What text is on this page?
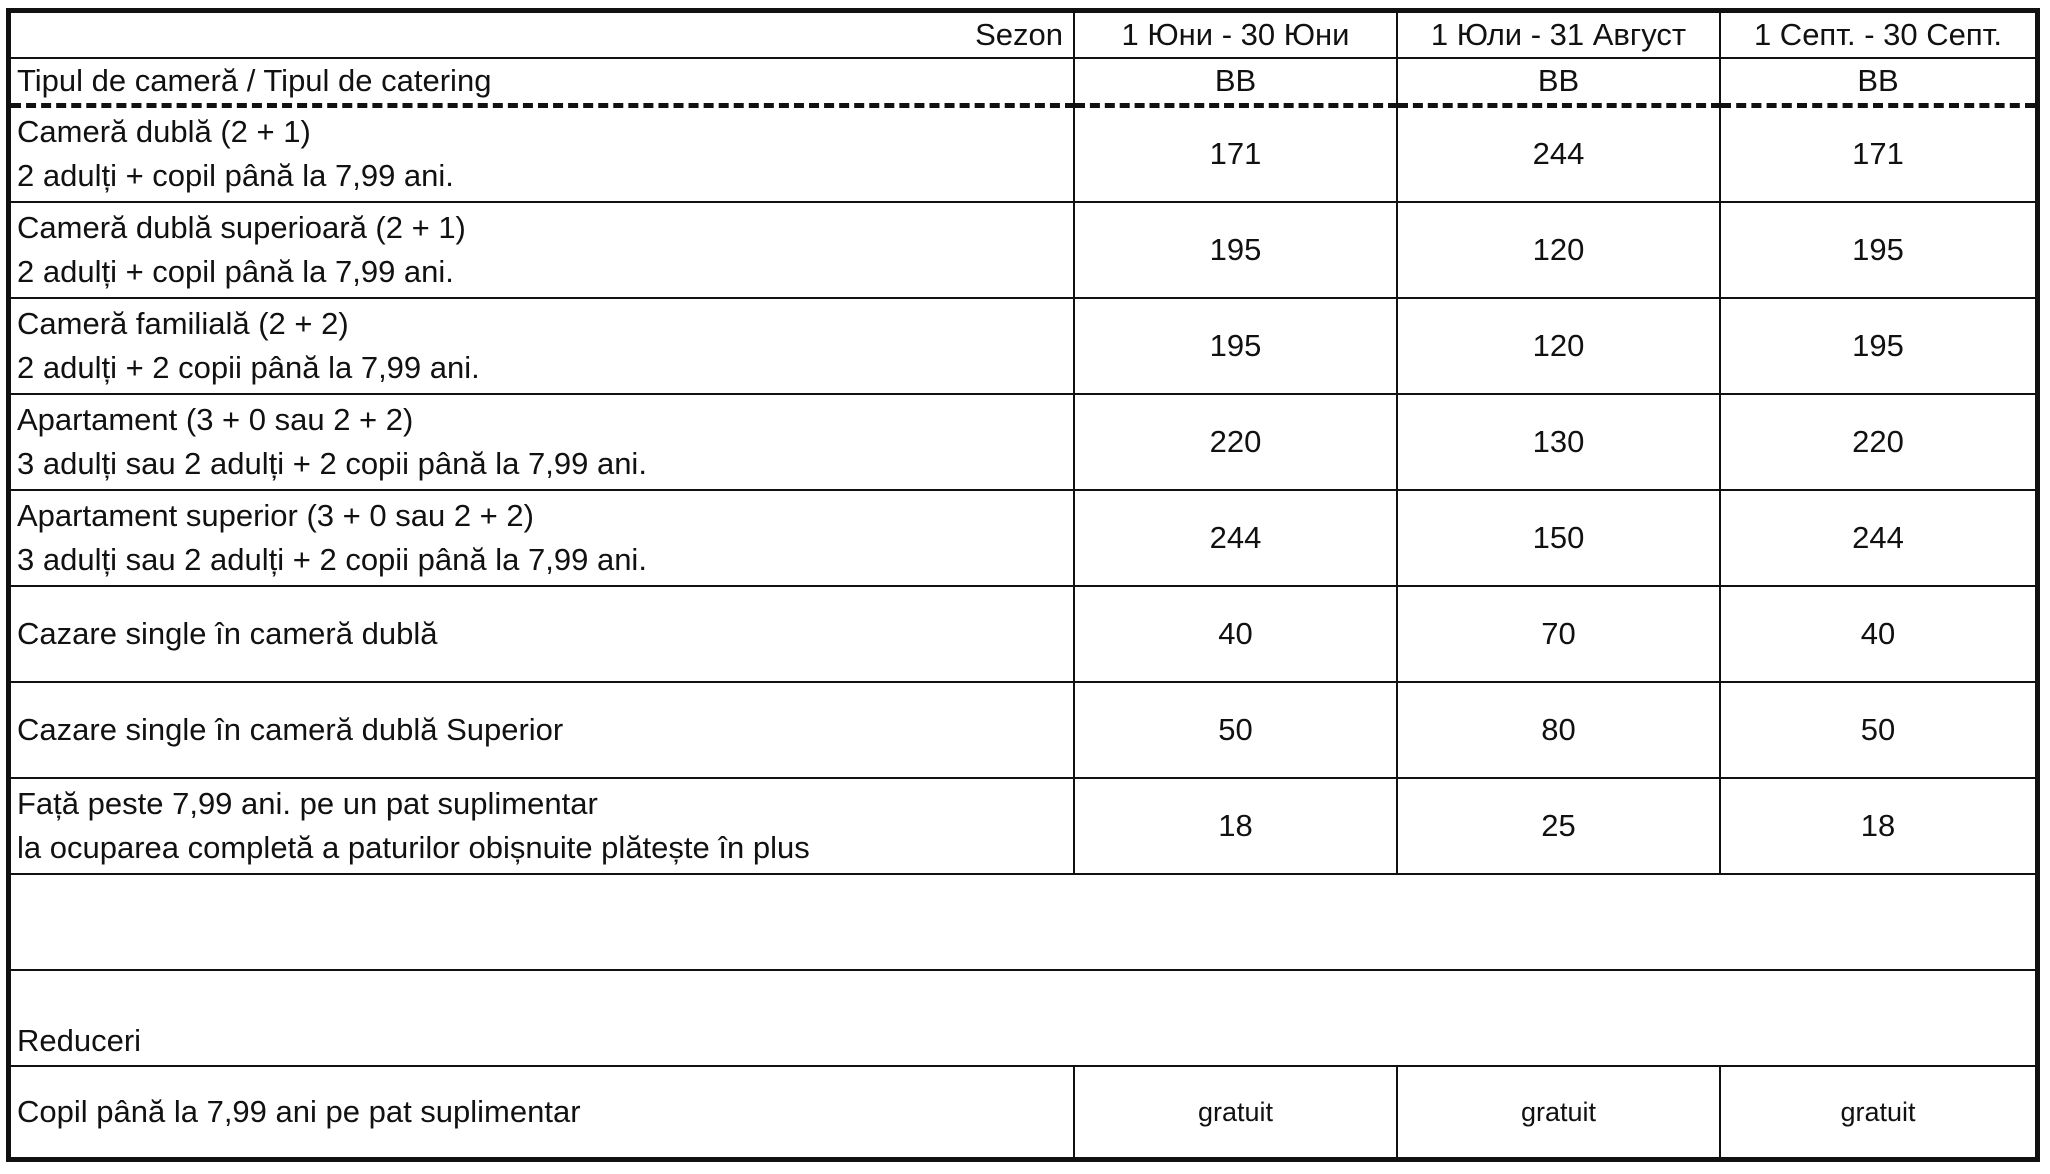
Sezon	1 Юни - 30 Юни	1 Юли - 31 Август	1 Септ. - 30 Септ.
Tipul de cameră / Tipul de catering	BB	BB	BB

Cameră dublă (2 + 1)
2 adulți + copil până la 7,99 ani.	171	244	171

Cameră dublă superioară (2 + 1)
2 adulți + copil până la 7,99 ani.	195	120	195

Cameră familială (2 + 2)
2 adulți + 2 copii până la 7,99 ani.	195	120	195

Apartament (3 + 0 sau 2 + 2)
3 adulți sau 2 adulți + 2 copii până la 7,99 ani.	220	130	220

Apartament superior (3 + 0 sau 2 + 2)
3 adulți sau 2 adulți + 2 copii până la 7,99 ani.	244	150	244

Cazare single în cameră dublă	40	70	40

Cazare single în cameră dublă Superior	50	80	50

Față peste 7,99 ani. pe un pat suplimentar
la ocuparea completă a paturilor obișnuite plătește în plus	18	25	18

Reduceri			
Copil până la 7,99 ani pe pat suplimentar	gratuit	gratuit	gratuit
